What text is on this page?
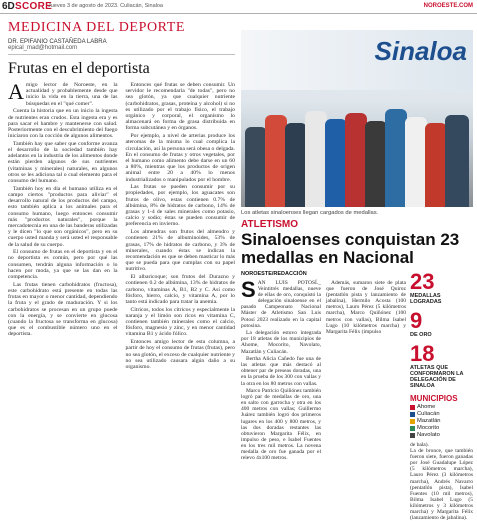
6D SCORE
Jueves 3 de agosto de 2023. Culiacán, Sinaloa	NOROESTE.COM
MEDICINA DEL DEPORTE
DR. EPIFANIO CASTAÑEDA LABRA
epical_mad@hotmail.com
Frutas en el deportista

Amigo lector de Noroeste, en la actualidad y probablemente desde que inicio la vida en la tierra, una de las búsquedas en el "qué comer".

Cuenta la historia que en un inicio la ingesta de nutrientes eran crudos. Esta ingesta era y es para sacar el hambre y mantenerse con salud. Posteriormente con el descubrimiento del fuego iniciaron con la cocción de algunos alimentos.

También hay que saber que conforme avanza el desarrollo de la sociedad también hay adelantos en la industria de los alimentos donde están pierden algunos de sus nutrientes (vitaminas y minerales) naturales, en algunos otros se les adiciona tal o cual elemento para el consumo del humano.

También hoy en día el humano utiliza en el campo ciertos "productos para aliviar" el desarrollo natural de los productos del campo, esto también aplica a los animales para el consumo humano, luego entonces consumir más "productos naturales", porque la mercadotecnia en una de las banderas utilizadas y le dicen "lo que son orgánicos", pero en su cuerpo usted manda y será usted el responsable de la salud de su cuerpo.

El consumo de frutas en el deportista y en el no deportista es común, pero por qué las consumen, tendrán alguna información o lo hacen por moda, ya que se las dan en la competencia.

Las frutas tienen carbohidratos (fructosa), este carbohidrato está presente en todas las frutas en mayor o menor cantidad, dependiendo la fruta y el grado de maduración. Y si los carbohidratos se procesan en un grupo puede con la energía, y se convierte en glucosa (cuando la fructosa se transforma en glucosa) que es el combustible número uno en el deportista.

Entonces qué frutas se deben consumir. Un servidor le recomendaría "de todas", pero no sea glotón, ya que cualquier nutriente (carbohidratos, grasas, proteína y alcohol) si no es utilizado por el trabajo físico, el trabajo orgánico y corporal, el organismo lo almacenará en forma de grasa distribuida en forma subcutánea y en órganos.

Por ejemplo, a nivel de arterias produce los ateromas de la misma lo cual complica la circulación, así la persona será obesa o delgada. En el consumo de frutas y otros vegetales, por el humano como alimento debe darse en un 60 a 80%, mientras que los productos de origen animal entre 20 a 40% lo menos industrializados o manipulados por el hombre.

Las frutas se pueden consumir por su propiedades, por ejemplo, los aguacates son frutos de olivo, estas contienen 0.7% de albúmina, 8% de hidratos de carbono, 14% de grasas y 1-4 de sales minerales como potasio, calcio y sodio; éstas se pueden consumir de preferencia en invierno.

Los almendras son frutos del almendro y contienen 21% de albuminoides, 53% de grasas, 17% de hidratos de carbono, y 3% de minerales, cuando éstas se indican la recomendación es que se deben masticar lo más que se pueda para que cumplas con su papel nutritivo.

El albaricoque; son frutos del Durazno y contienen 0.2 de albúmina, 13% de hidratos de carbono, vitaminas A, B1, B2 y C. Así como fósforo, hierro, calcio, y vitamina A, por lo tanto está indicado para tratar la anemia.

Cítricos, todos los cítricos y especialmente la naranja y el limón son ricos en vitamina C, contienen también minerales como el calcio, fósforo, magnesio y zinc, y en menor cantidad vitamina B1 y ácido fólico.

Entonces amigo lector de esta columna, a partir de hoy el consumo de frutas (frutas), pero no sea glotón, el exceso de cualquier nutriente y no sea utilizado causara algún daño a su organismo.

Sinaloa
Los atletas sinaloenses llegan cargados de medallas.
ATLETISMO
Sinaloenses conquistan 23 medallas en Nacional
NOROESTE/REDACCIÓN

SAN LUIS POTOSÍ._ Veintitrés medallas, nueve de ellas de oro, conquistó la delegación sinaloense en el pasado Campeonato Nacional Máster de Atletismo San Luis Potosí 2023 realizado en la capital potosina.

La delegación estuvo integrada por 18 atletas de los municipios de Ahome, Mocorito, Navolato, Mazatlán y Culiacán.

Bertha Alicia Cañedo fue una de las atletas que más destacó al obtener par de preseas doradas, una en la prueba de los 300 con vallas y la otra en los 80 metros con vallas.

Marco Patricio Quiñónez también logró par de medallas de oro, una en salto con garrocha y otra en los 400 metros con vallas; Guillermo Juárez también logró dos primeros lugares en los 400 y 800 metros, y las dos doradas restantes las obtuvieron Margarita Félix, en impulso de peso, e Isabel Fuentes en los tres mil metros. La novena medalla de oro fue ganada por el relevo 4x100 metros.

Además, sumaron siete de plata que fueron de José Quiroz (pentatlón pista y lanzamiento de jabalina), Hermilo Acosta (100 metros), Lauro Pérez (5 kilómetros marcha), Marco Quiñónez (100 metros con vallas), Bilma Isabel Lugo (10 kilómetros marcha) y Margarita Félix (impulso

23
MEDALLAS LOGRADAS
9
DE ORO
18
ATLETAS QUE CONFORMARON LA DELEGACIÓN DE SINALOA
MUNICIPIOS
Ahome
Culiacán
Mazatlán
Mocorito
Navolato

de bala).

La de bronce, que también fueron siete, fueron ganadas por José Guadalupe López (5 kilómetros marcha), Lauro Pérez (3 kilómetros marcha), Andrés Navarro (pentatlón pista), Isabel Fuentes (10 mil metros), Bilma Isabel Lugo (5 kilómetros y 3 kilómetros marcha) y Margarita Félix (lanzamiento de jabalina).
